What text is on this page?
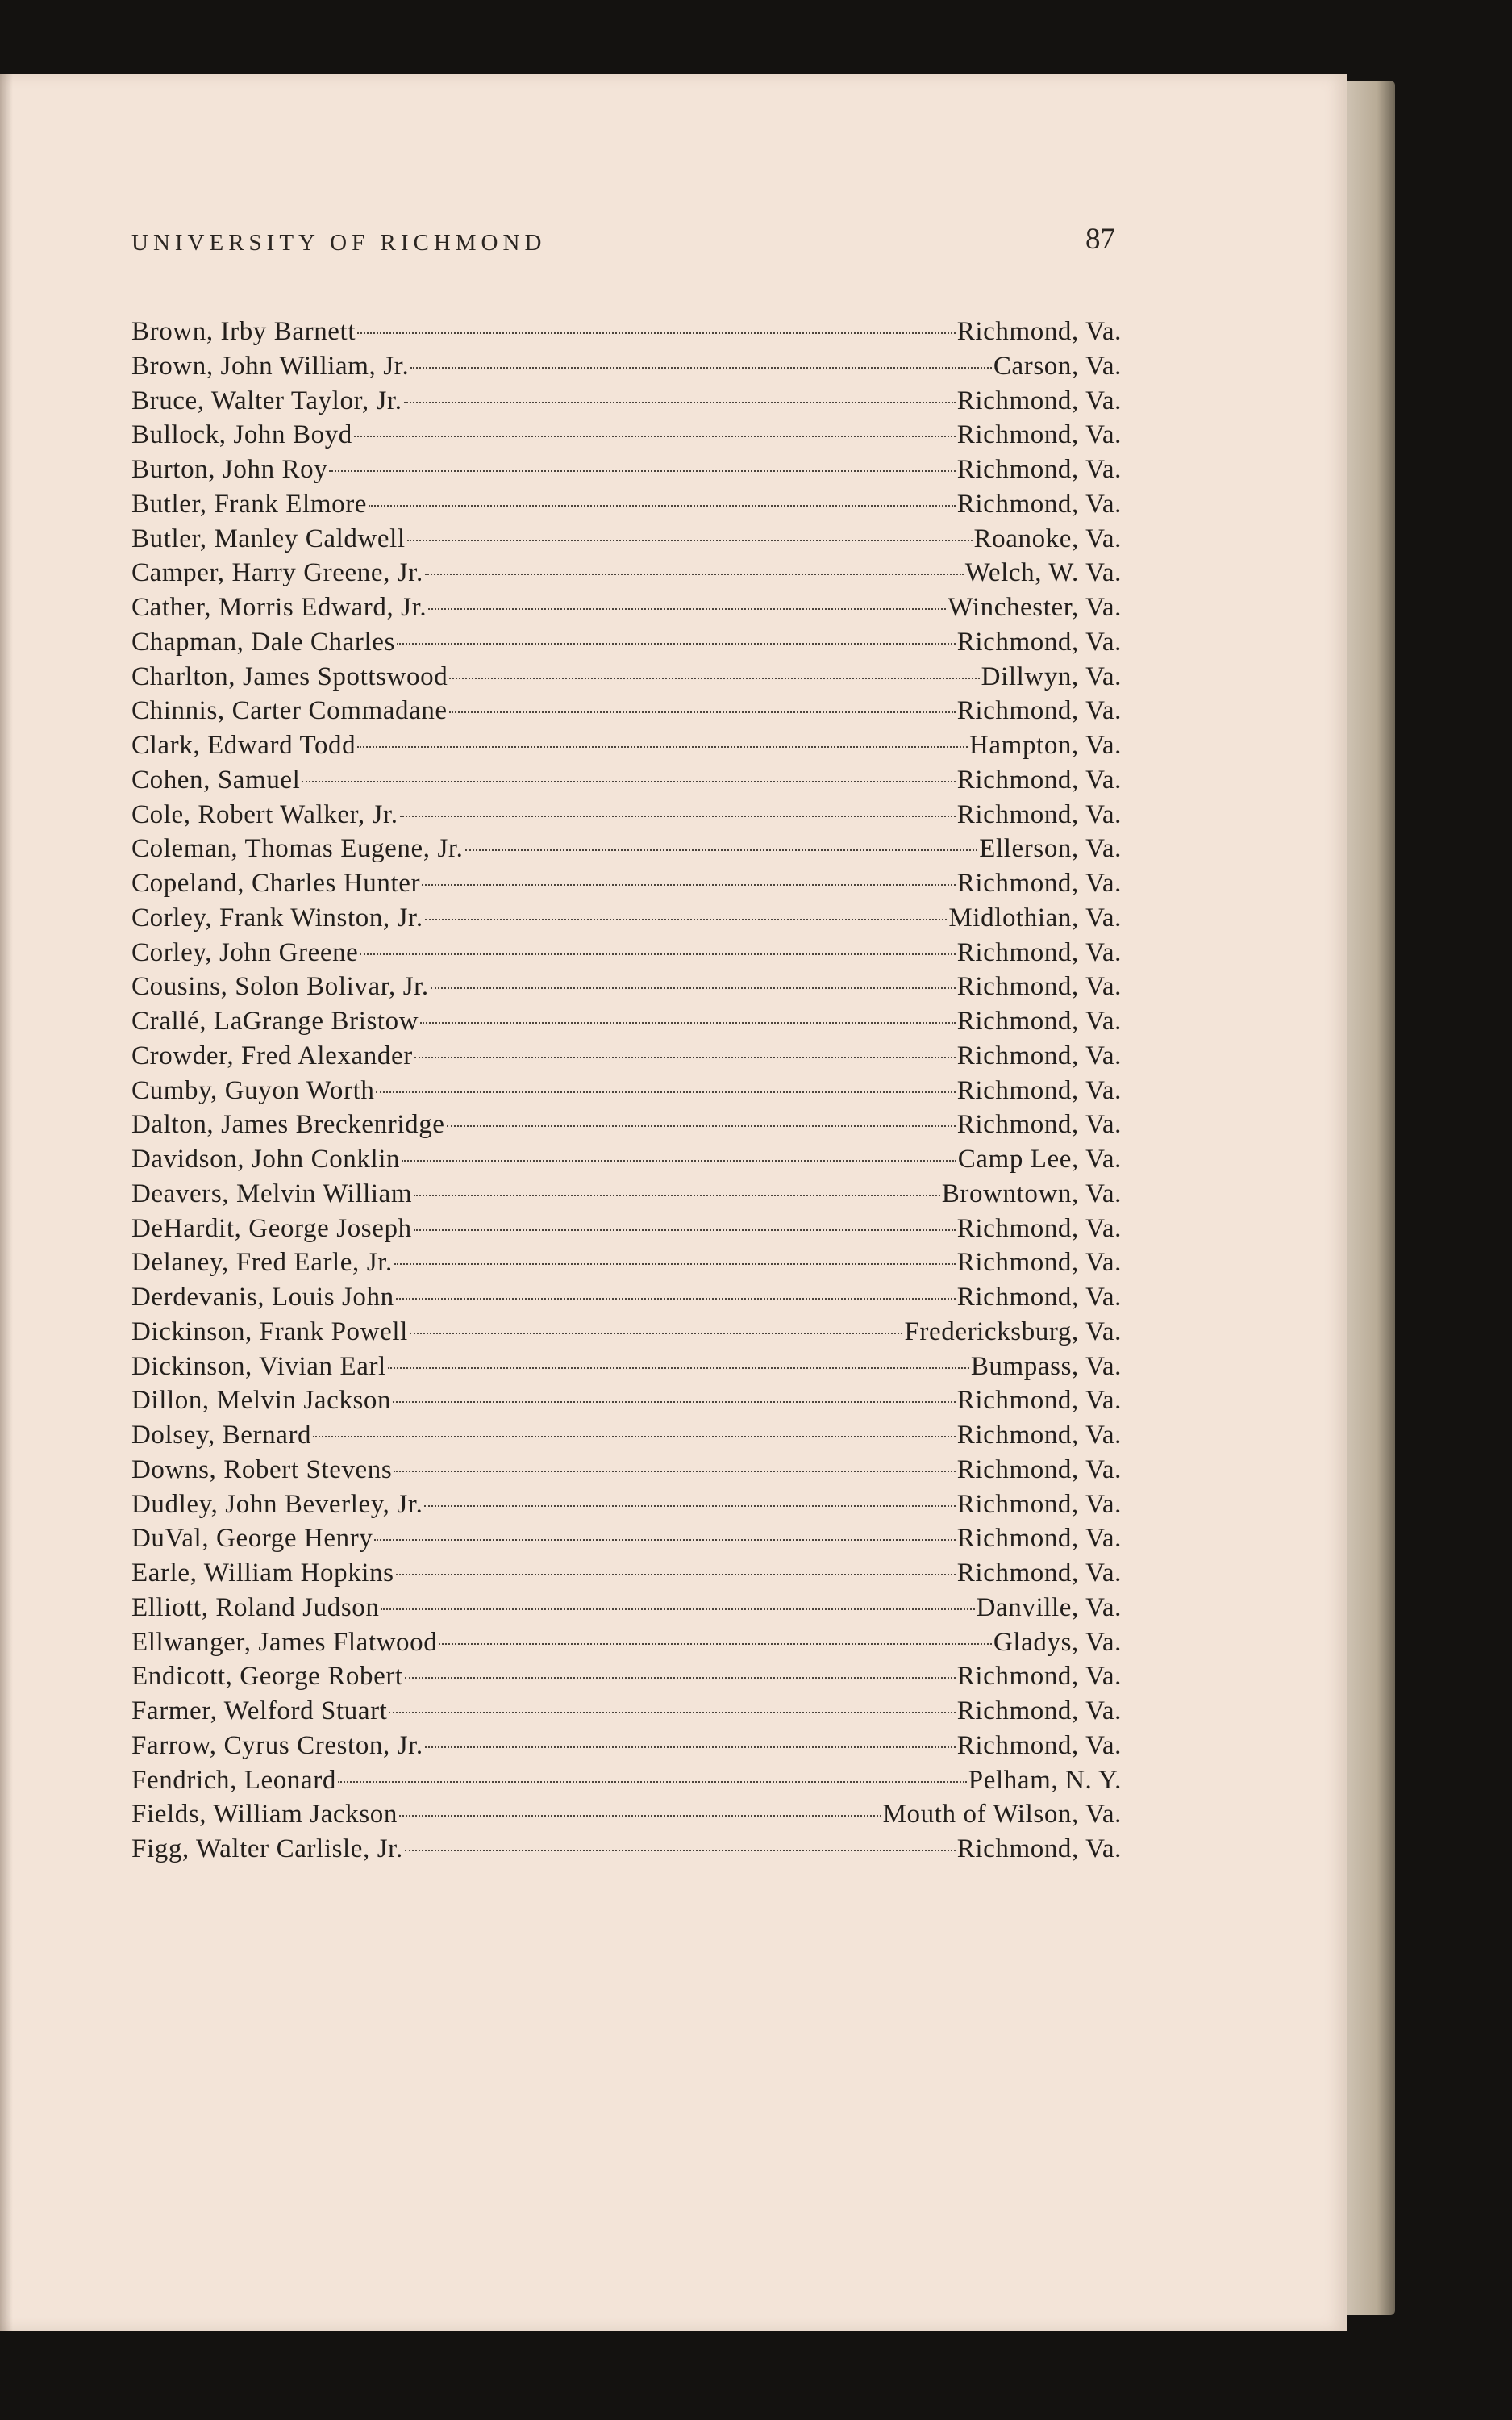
UNIVERSITY OF RICHMOND	87
Brown, Irby Barnett	Richmond, Va.
Brown, John William, Jr.	Carson, Va.
Bruce, Walter Taylor, Jr.	Richmond, Va.
Bullock, John Boyd	Richmond, Va.
Burton, John Roy	Richmond, Va.
Butler, Frank Elmore	Richmond, Va.
Butler, Manley Caldwell	Roanoke, Va.
Camper, Harry Greene, Jr.	Welch, W. Va.
Cather, Morris Edward, Jr.	Winchester, Va.
Chapman, Dale Charles	Richmond, Va.
Charlton, James Spottswood	Dillwyn, Va.
Chinnis, Carter Commadane	Richmond, Va.
Clark, Edward Todd	Hampton, Va.
Cohen, Samuel	Richmond, Va.
Cole, Robert Walker, Jr.	Richmond, Va.
Coleman, Thomas Eugene, Jr.	Ellerson, Va.
Copeland, Charles Hunter	Richmond, Va.
Corley, Frank Winston, Jr.	Midlothian, Va.
Corley, John Greene	Richmond, Va.
Cousins, Solon Bolivar, Jr.	Richmond, Va.
Crallé, LaGrange Bristow	Richmond, Va.
Crowder, Fred Alexander	Richmond, Va.
Cumby, Guyon Worth	Richmond, Va.
Dalton, James Breckenridge	Richmond, Va.
Davidson, John Conklin	Camp Lee, Va.
Deavers, Melvin William	Browntown, Va.
DeHardit, George Joseph	Richmond, Va.
Delaney, Fred Earle, Jr.	Richmond, Va.
Derdevanis, Louis John	Richmond, Va.
Dickinson, Frank Powell	Fredericksburg, Va.
Dickinson, Vivian Earl	Bumpass, Va.
Dillon, Melvin Jackson	Richmond, Va.
Dolsey, Bernard	Richmond, Va.
Downs, Robert Stevens	Richmond, Va.
Dudley, John Beverley, Jr.	Richmond, Va.
DuVal, George Henry	Richmond, Va.
Earle, William Hopkins	Richmond, Va.
Elliott, Roland Judson	Danville, Va.
Ellwanger, James Flatwood	Gladys, Va.
Endicott, George Robert	Richmond, Va.
Farmer, Welford Stuart	Richmond, Va.
Farrow, Cyrus Creston, Jr.	Richmond, Va.
Fendrich, Leonard	Pelham, N. Y.
Fields, William Jackson	Mouth of Wilson, Va.
Figg, Walter Carlisle, Jr.	Richmond, Va.
